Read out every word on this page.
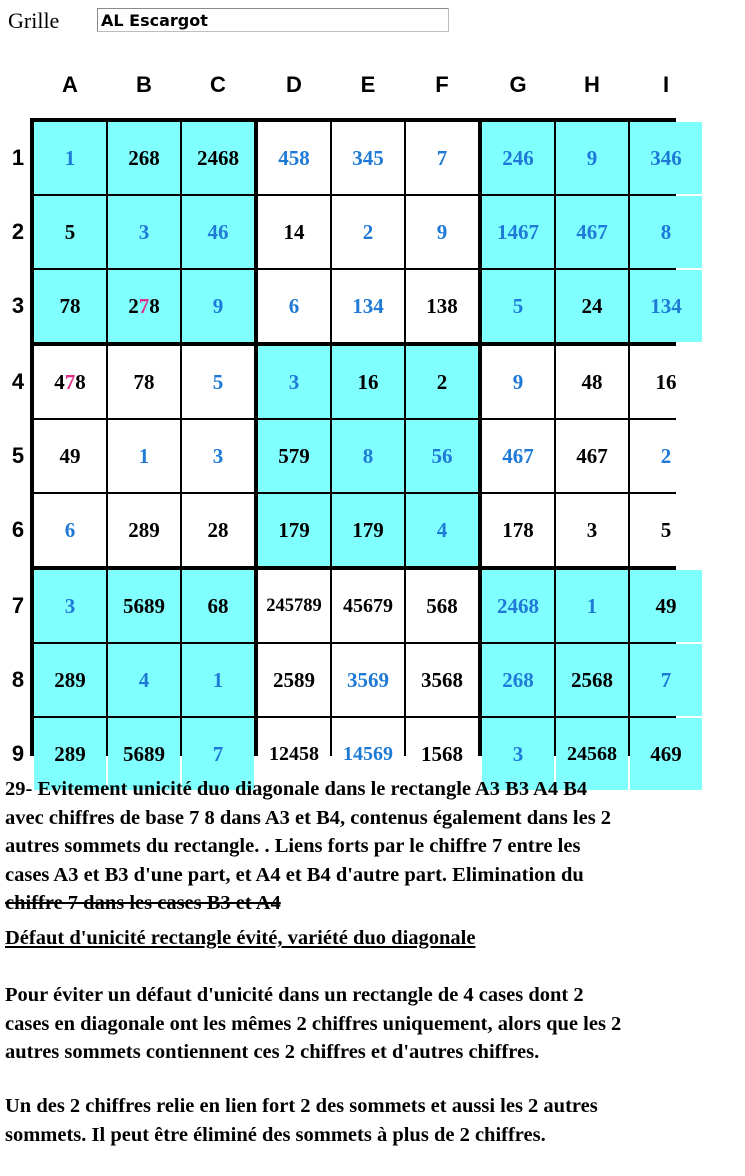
Grille
AL Escargot
A	B	C	D	E	F	G	H	I
1
2
3
4
5
6
7
8
9
1	268	2468	458	345	7	246	9	346
5	3	46	14	2	9	1467	467	8
78	2 7 8	9	6	134	138	5	24	134
4 7 8	78	5	3	16	2	9	48	16
49	1	3	579	8	56	467	467	2
6	289	28	179	179	4	178	3	5
3	5689	68	245789	45679	568	2468	1	49
289	4	1	2589	3569	3568	268	2568	7
289	5689	7	12458	14569	1568	3	24568	469
29- Evitement unicité duo diagonale dans le rectangle A3 B3 A4 B4
avec chiffres de base 7 8 dans A3 et B4, contenus également dans les 2
autres sommets du rectangle. . Liens forts par le chiffre 7 entre les
cases A3 et B3 d'une part, et A4 et B4 d'autre part. Elimination du
chiffre 7 dans les cases B3 et A4
Défaut d'unicité rectangle évité, variété duo diagonale
Pour éviter un défaut d'unicité dans un rectangle de 4 cases dont 2
cases en diagonale ont les mêmes 2 chiffres uniquement, alors que les 2
autres sommets contiennent ces 2 chiffres et d'autres chiffres.
Un des 2 chiffres relie en lien fort 2 des sommets et aussi les 2 autres
sommets. Il peut être éliminé des sommets à plus de 2 chiffres.
